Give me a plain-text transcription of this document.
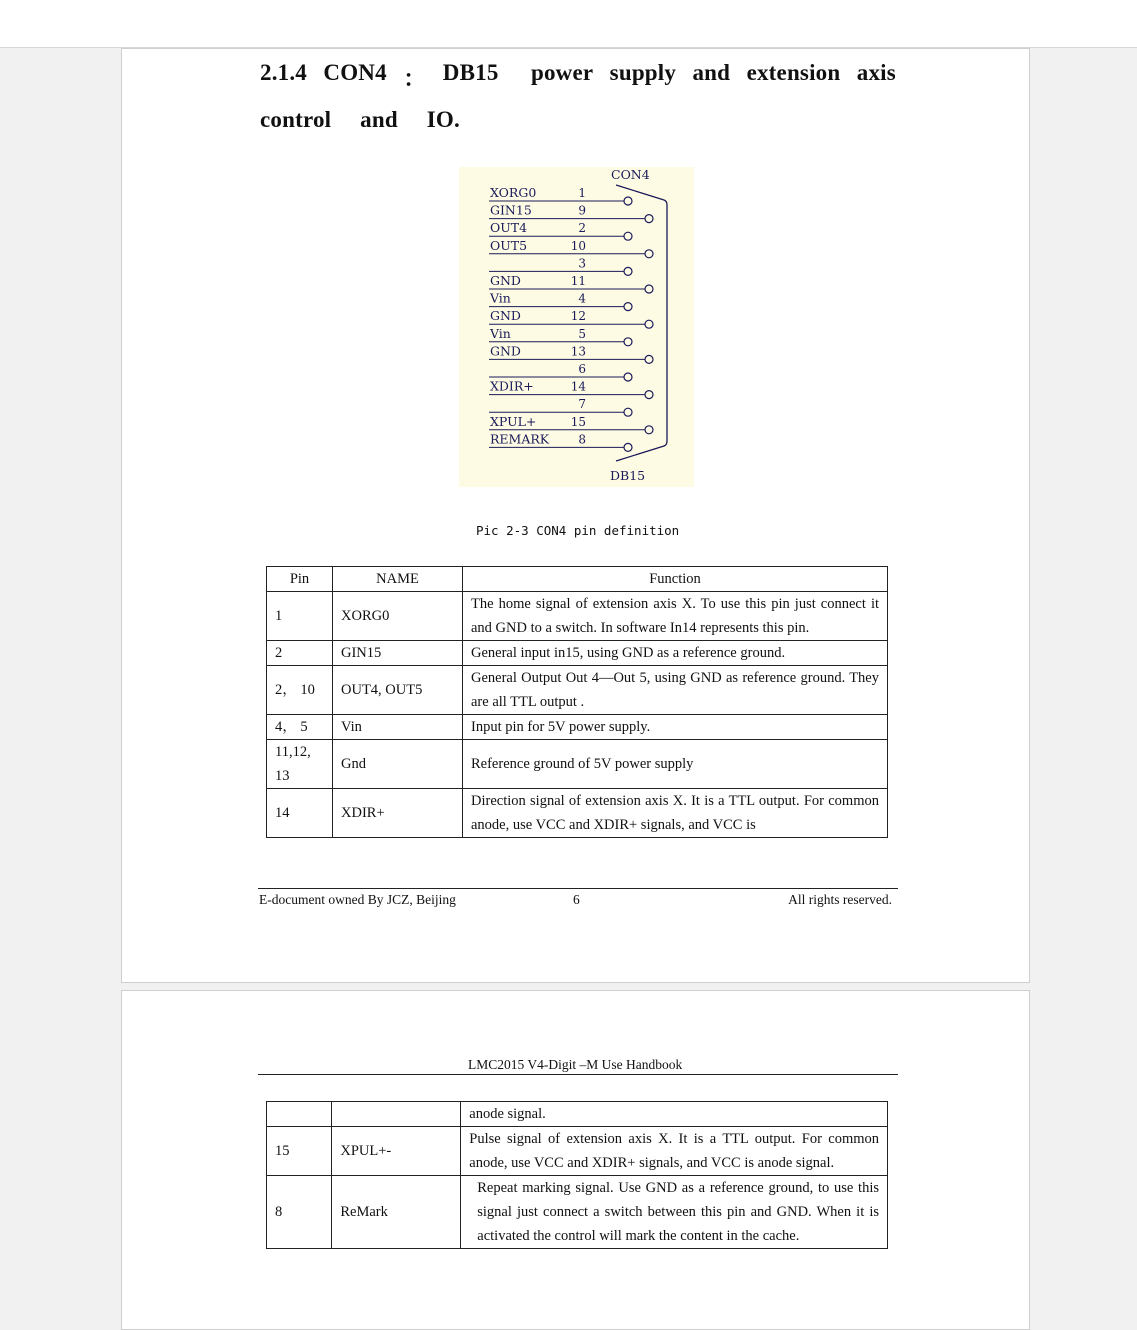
2.1.4 CON4 ： DB15 power supply and extension axis
control and IO.
CON4
DB15
XORG0	1
GIN15	9
OUT4	2
OUT5	10
3
GND	11
Vin	4
GND	12
Vin	5
GND	13
6
XDIR+	14
7
XPUL+	15
REMARK 8
Pic 2-3 CON4 pin definition
Pin	NAME	Function
1	XORG0	The home signal of extension axis X. To use this pin just connect it and GND to a switch. In software In14 represents this pin.
2	GIN15	General input in15, using GND as a reference ground.
2， 10	OUT4, OUT5	General Output Out 4—Out 5, using GND as reference ground. They are all TTL output .
4， 5	Vin	Input pin for 5V power supply.
11,12, 13	Gnd	Reference ground of 5V power supply
14	XDIR+	Direction signal of extension axis X. It is a TTL output. For common anode, use VCC and XDIR+ signals, and VCC is
E-document owned By JCZ, Beijing	6	All rights reserved.
LMC2015 V4-Digit –M Use Handbook
		anode signal.
15	XPUL+-	Pulse signal of extension axis X. It is a TTL output. For common anode, use VCC and XDIR+ signals, and VCC is anode signal.
8	ReMark	Repeat marking signal. Use GND as a reference ground, to use this signal just connect a switch between this pin and GND. When it is activated the control will mark the content in the cache.
